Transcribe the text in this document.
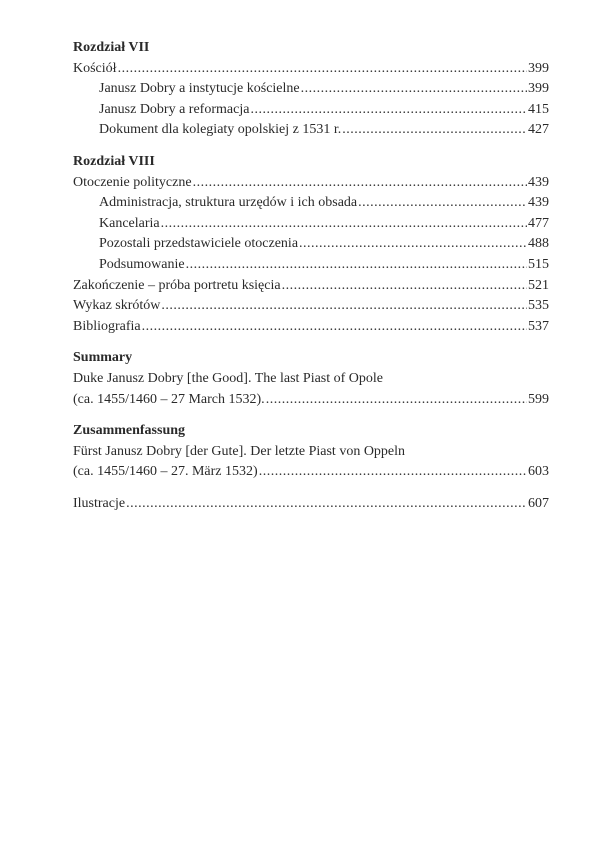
Rozdział VII
Kościół .....	399
Janusz Dobry a instytucje kościelne .....	399
Janusz Dobry a reformacja .....	415
Dokument dla kolegiaty opolskiej z 1531 r. .....	427
Rozdział VIII
Otoczenie polityczne .....	439
Administracja, struktura urzędów i ich obsada .....	439
Kancelaria .....	477
Pozostali przedstawiciele otoczenia .....	488
Podsumowanie .....	515
Zakończenie – próba portretu księcia .....	521
Wykaz skrótów .....	535
Bibliografia .....	537
Summary
Duke Janusz Dobry [the Good]. The last Piast of Opole
(ca. 1455/1460 – 27 March 1532). .....	599
Zusammenfassung
Fürst Janusz Dobry [der Gute]. Der letzte Piast von Oppeln
(ca. 1455/1460 – 27. März 1532) .....	603
Ilustracje .....	607
